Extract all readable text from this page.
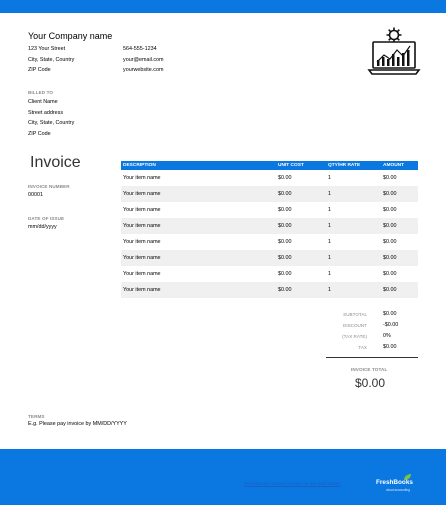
Your Company name
123 Your Street
City, State, Country
ZIP Code
564-555-1234
your@email.com
yourwebsite.com
BILLED TO
Client Name
Street address
City, State, Country
ZIP Code
Invoice
INVOICE NUMBER
00001
DATE OF ISSUE
mm/dd/yyyy
DESCRIPTION	UNIT COST	QTY/HR RATE	AMOUNT
Your item name	$0.00	1	$0.00
Your item name	$0.00	1	$0.00
Your item name	$0.00	1	$0.00
Your item name	$0.00	1	$0.00
Your item name	$0.00	1	$0.00
Your item name	$0.00	1	$0.00
Your item name	$0.00	1	$0.00
Your item name	$0.00	1	$0.00
SUBTOTAL	$0.00
DISCOUNT	-$0.00
(TAX RATE)	0%
TAX	$0.00
INVOICE TOTAL
$0.00
TERMS
E.g. Please pay invoice by MM/DD/YYYY
FreshBooks makes it easier to get paid faster	FreshBooks
cloud accounting
